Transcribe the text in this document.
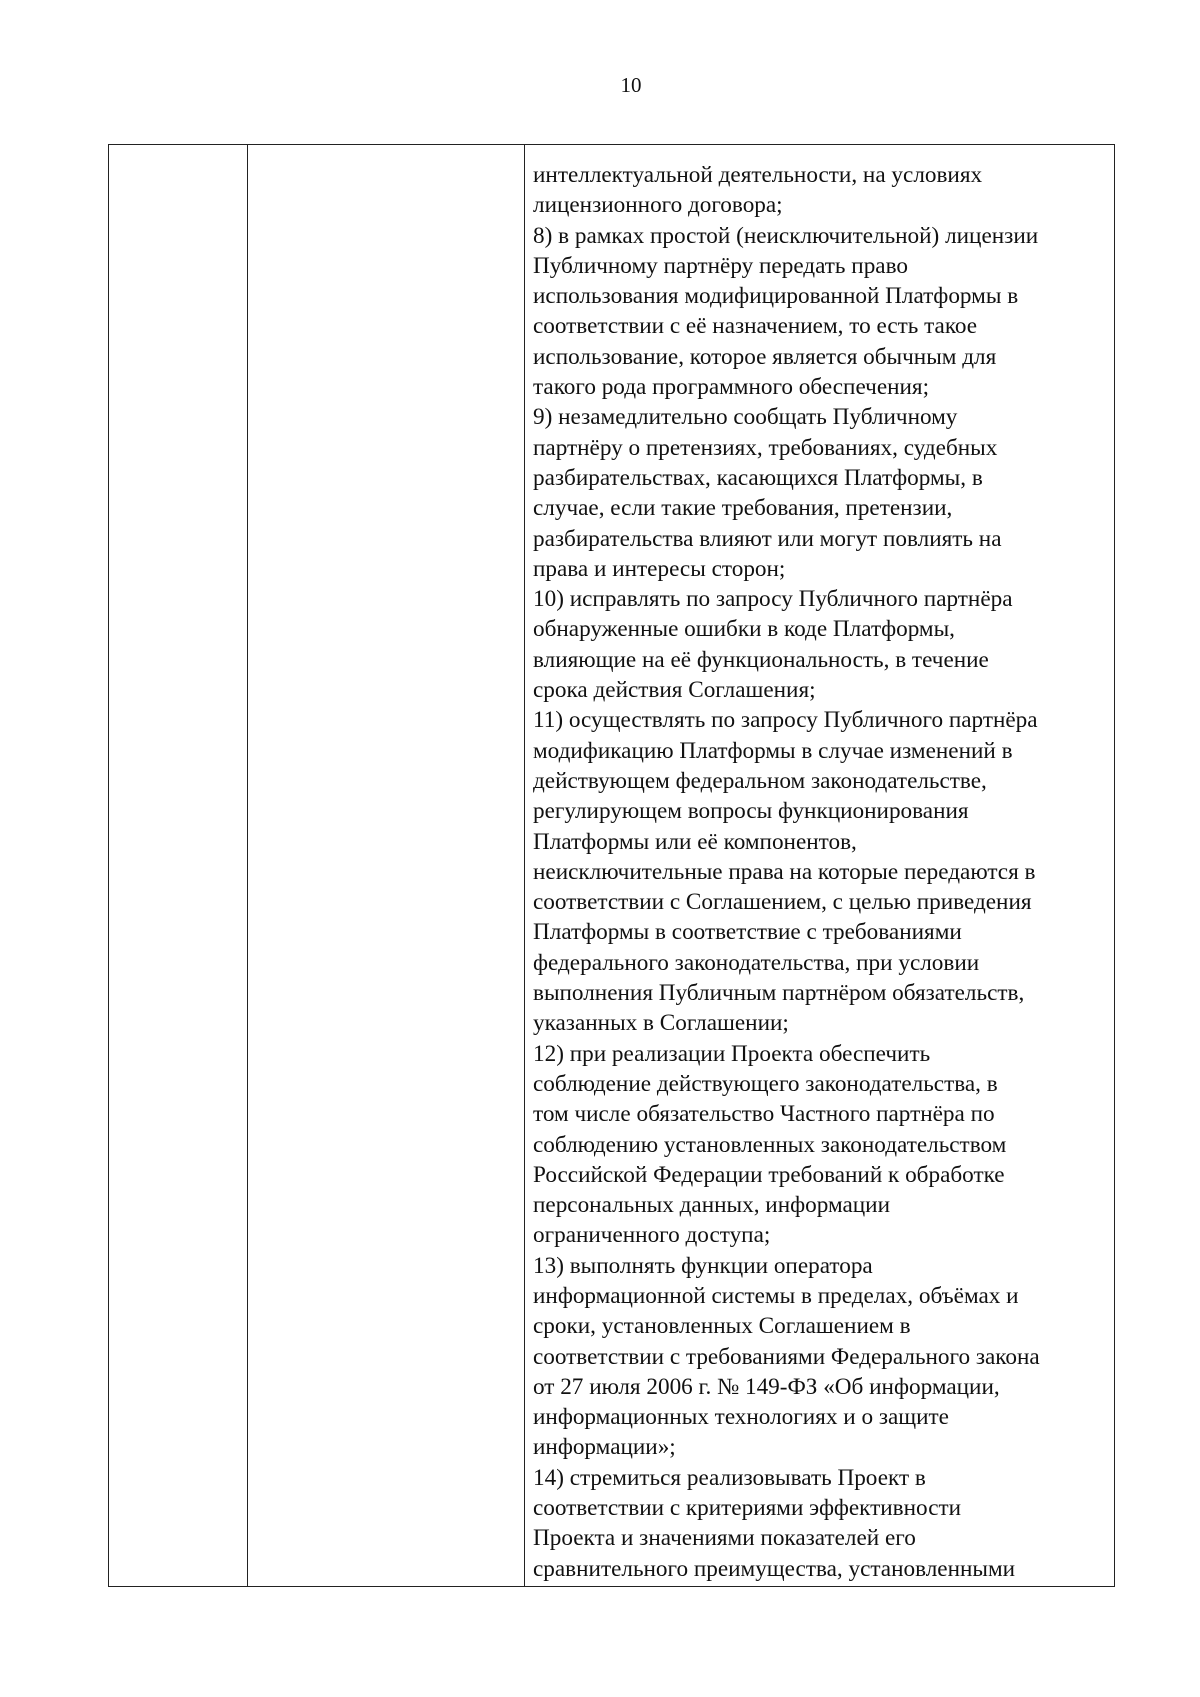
10

интеллектуальной деятельности, на условиях
лицензионного договора;
8) в рамках простой (неисключительной) лицензии
Публичному партнёру передать право
использования модифицированной Платформы в
соответствии с её назначением, то есть такое
использование, которое является обычным для
такого рода программного обеспечения;
9) незамедлительно сообщать Публичному
партнёру о претензиях, требованиях, судебных
разбирательствах, касающихся Платформы, в
случае, если такие требования, претензии,
разбирательства влияют или могут повлиять на
права и интересы сторон;
10) исправлять по запросу Публичного партнёра
обнаруженные ошибки в коде Платформы,
влияющие на её функциональность, в течение
срока действия Соглашения;
11) осуществлять по запросу Публичного партнёра
модификацию Платформы в случае изменений в
действующем федеральном законодательстве,
регулирующем вопросы функционирования
Платформы или её компонентов,
неисключительные права на которые передаются в
соответствии с Соглашением, с целью приведения
Платформы в соответствие с требованиями
федерального законодательства, при условии
выполнения Публичным партнёром обязательств,
указанных в Соглашении;
12) при реализации Проекта обеспечить
соблюдение действующего законодательства, в
том числе обязательство Частного партнёра по
соблюдению установленных законодательством
Российской Федерации требований к обработке
персональных данных, информации
ограниченного доступа;
13) выполнять функции оператора
информационной системы в пределах, объёмах и
сроки, установленных Соглашением в
соответствии с требованиями Федерального закона
от 27 июля 2006 г. № 149-ФЗ «Об информации,
информационных технологиях и о защите
информации»;
14) стремиться реализовывать Проект в
соответствии с критериями эффективности
Проекта и значениями показателей его
сравнительного преимущества, установленными
